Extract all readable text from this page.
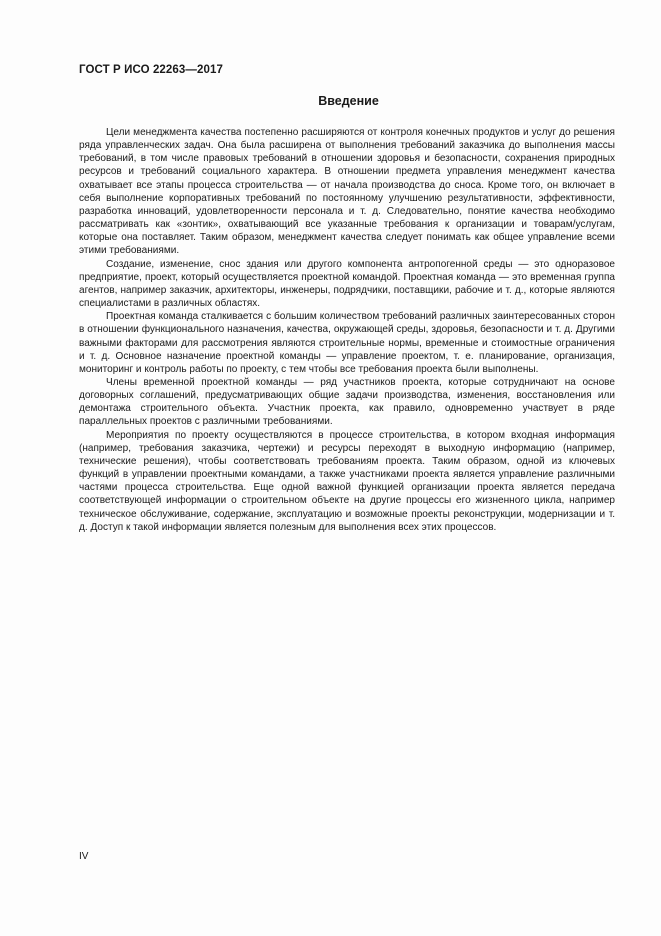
ГОСТ Р ИСО 22263—2017
Введение

Цели менеджмента качества постепенно расширяются от контроля конечных продуктов и услуг до решения ряда управленческих задач. Она была расширена от выполнения требований заказчика до выполнения массы требований, в том числе правовых требований в отношении здоровья и безопасности, сохранения природных ресурсов и требований социального характера. В отношении предмета управления менеджмент качества охватывает все этапы процесса строительства — от начала производства до сноса. Кроме того, он включает в себя выполнение корпоративных требований по постоянному улучшению результативности, эффективности, разработка инноваций, удовлетворенности персонала и т. д. Следовательно, понятие качества необходимо рассматривать как «зонтик», охватывающий все указанные требования к организации и товарам/услугам, которые она поставляет. Таким образом, менеджмент качества следует понимать как общее управление всеми этими требованиями.

Создание, изменение, снос здания или другого компонента антропогенной среды — это одноразовое предприятие, проект, который осуществляется проектной командой. Проектная команда — это временная группа агентов, например заказчик, архитекторы, инженеры, подрядчики, поставщики, рабочие и т. д., которые являются специалистами в различных областях.

Проектная команда сталкивается с большим количеством требований различных заинтересованных сторон в отношении функционального назначения, качества, окружающей среды, здоровья, безопасности и т. д. Другими важными факторами для рассмотрения являются строительные нормы, временные и стоимостные ограничения и т. д. Основное назначение проектной команды — управление проектом, т. е. планирование, организация, мониторинг и контроль работы по проекту, с тем чтобы все требования проекта были выполнены.

Члены временной проектной команды — ряд участников проекта, которые сотрудничают на основе договорных соглашений, предусматривающих общие задачи производства, изменения, восстановления или демонтажа строительного объекта. Участник проекта, как правило, одновременно участвует в ряде параллельных проектов с различными требованиями.

Мероприятия по проекту осуществляются в процессе строительства, в котором входная информация (например, требования заказчика, чертежи) и ресурсы переходят в выходную информацию (например, технические решения), чтобы соответствовать требованиям проекта. Таким образом, одной из ключевых функций в управлении проектными командами, а также участниками проекта является управление различными частями процесса строительства. Еще одной важной функцией организации проекта является передача соответствующей информации о строительном объекте на другие процессы его жизненного цикла, например техническое обслуживание, содержание, эксплуатацию и возможные проекты реконструкции, модернизации и т. д. Доступ к такой информации является полезным для выполнения всех этих процессов.

IV
